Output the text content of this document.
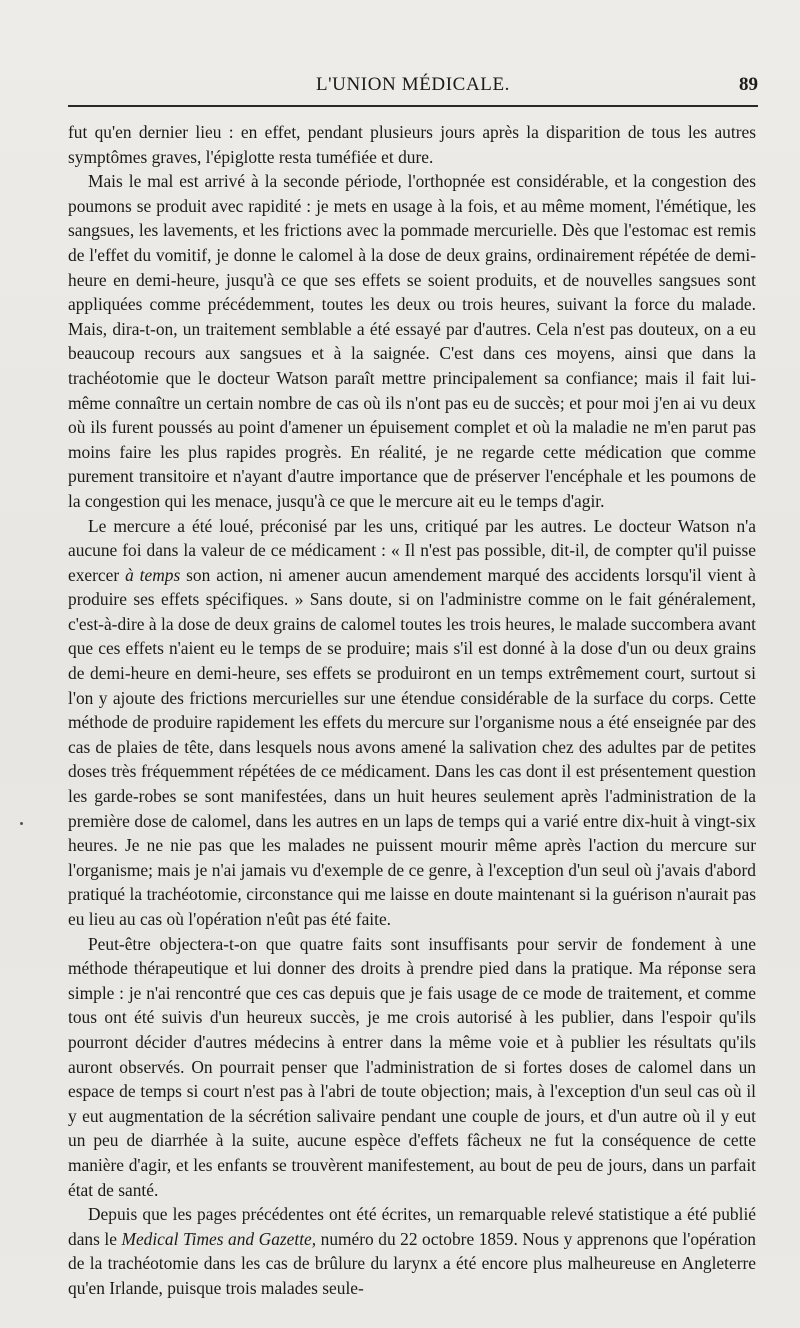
L'UNION MÉDICALE.	89

fut qu'en dernier lieu : en effet, pendant plusieurs jours après la disparition de tous les autres symptômes graves, l'épiglotte resta tuméfiée et dure.

Mais le mal est arrivé à la seconde période, l'orthopnée est considérable, et la congestion des poumons se produit avec rapidité : je mets en usage à la fois, et au même moment, l'émétique, les sangsues, les lavements, et les frictions avec la pommade mercurielle. Dès que l'estomac est remis de l'effet du vomitif, je donne le calomel à la dose de deux grains, ordinairement répétée de demi-heure en demi-heure, jusqu'à ce que ses effets se soient produits, et de nouvelles sangsues sont appliquées comme précédemment, toutes les deux ou trois heures, suivant la force du malade. Mais, dira-t-on, un traitement semblable a été essayé par d'autres. Cela n'est pas douteux, on a eu beaucoup recours aux sangsues et à la saignée. C'est dans ces moyens, ainsi que dans la trachéotomie que le docteur Watson paraît mettre principalement sa confiance; mais il fait lui-même connaître un certain nombre de cas où ils n'ont pas eu de succès; et pour moi j'en ai vu deux où ils furent poussés au point d'amener un épuisement complet et où la maladie ne m'en parut pas moins faire les plus rapides progrès. En réalité, je ne regarde cette médication que comme purement transitoire et n'ayant d'autre importance que de préserver l'encéphale et les poumons de la congestion qui les menace, jusqu'à ce que le mercure ait eu le temps d'agir.

Le mercure a été loué, préconisé par les uns, critiqué par les autres. Le docteur Watson n'a aucune foi dans la valeur de ce médicament : « Il n'est pas possible, dit-il, de compter qu'il puisse exercer à temps son action, ni amener aucun amendement marqué des accidents lorsqu'il vient à produire ses effets spécifiques. » Sans doute, si on l'administre comme on le fait généralement, c'est-à-dire à la dose de deux grains de calomel toutes les trois heures, le malade succombera avant que ces effets n'aient eu le temps de se produire; mais s'il est donné à la dose d'un ou deux grains de demi-heure en demi-heure, ses effets se produiront en un temps extrêmement court, surtout si l'on y ajoute des frictions mercurielles sur une étendue considérable de la surface du corps. Cette méthode de produire rapidement les effets du mercure sur l'organisme nous a été enseignée par des cas de plaies de tête, dans lesquels nous avons amené la salivation chez des adultes par de petites doses très fréquemment répétées de ce médicament. Dans les cas dont il est présentement question les garde-robes se sont manifestées, dans un huit heures seulement après l'administration de la première dose de calomel, dans les autres en un laps de temps qui a varié entre dix-huit à vingt-six heures. Je ne nie pas que les malades ne puissent mourir même après l'action du mercure sur l'organisme; mais je n'ai jamais vu d'exemple de ce genre, à l'exception d'un seul où j'avais d'abord pratiqué la trachéotomie, circonstance qui me laisse en doute maintenant si la guérison n'aurait pas eu lieu au cas où l'opération n'eût pas été faite.

Peut-être objectera-t-on que quatre faits sont insuffisants pour servir de fondement à une méthode thérapeutique et lui donner des droits à prendre pied dans la pratique. Ma réponse sera simple : je n'ai rencontré que ces cas depuis que je fais usage de ce mode de traitement, et comme tous ont été suivis d'un heureux succès, je me crois autorisé à les publier, dans l'espoir qu'ils pourront décider d'autres médecins à entrer dans la même voie et à publier les résultats qu'ils auront observés. On pourrait penser que l'administration de si fortes doses de calomel dans un espace de temps si court n'est pas à l'abri de toute objection; mais, à l'exception d'un seul cas où il y eut augmentation de la sécrétion salivaire pendant une couple de jours, et d'un autre où il y eut un peu de diarrhée à la suite, aucune espèce d'effets fâcheux ne fut la conséquence de cette manière d'agir, et les enfants se trouvèrent manifestement, au bout de peu de jours, dans un parfait état de santé.

Depuis que les pages précédentes ont été écrites, un remarquable relevé statistique a été publié dans le Medical Times and Gazette, numéro du 22 octobre 1859. Nous y apprenons que l'opération de la trachéotomie dans les cas de brûlure du larynx a été encore plus malheureuse en Angleterre qu'en Irlande, puisque trois malades seule-
